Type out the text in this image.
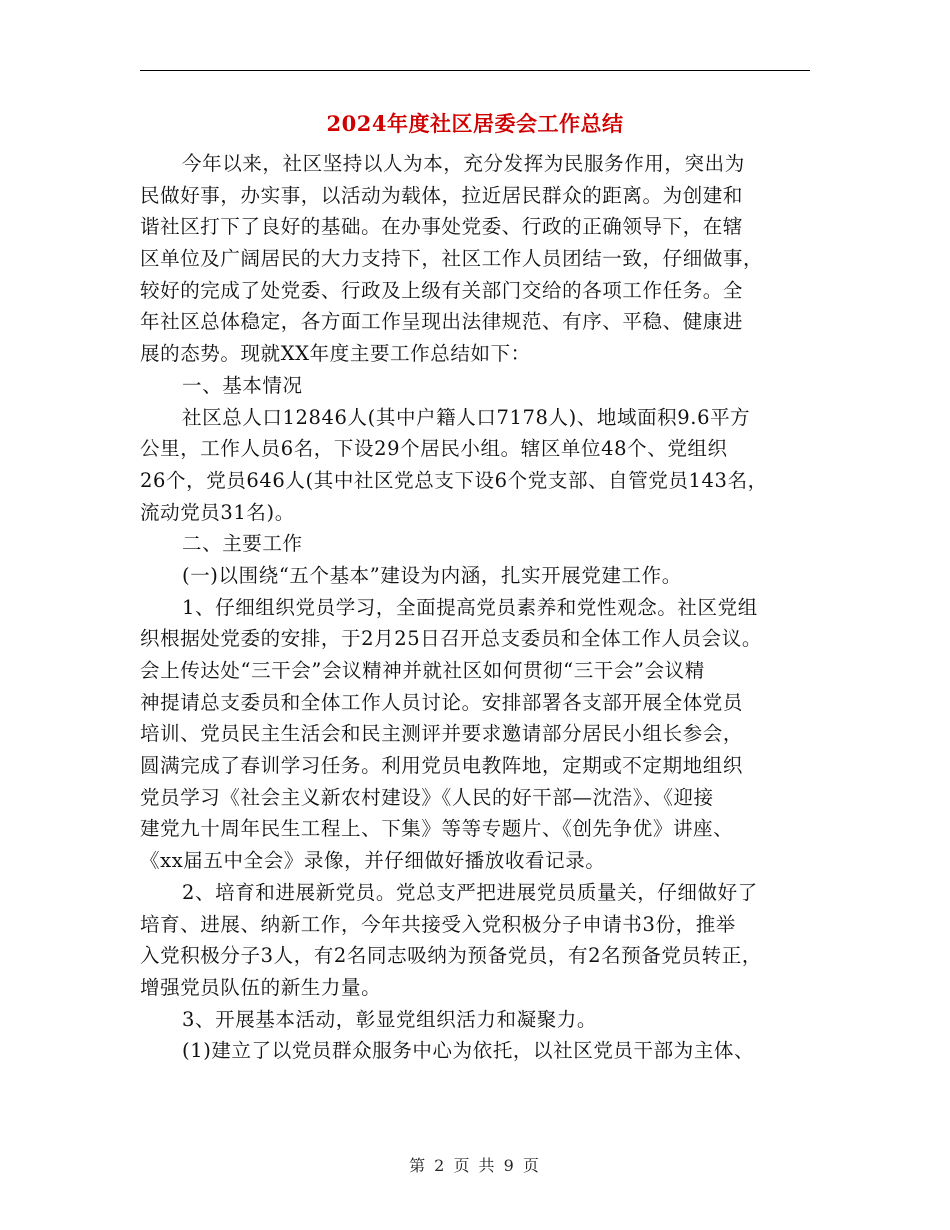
2024年度社区居委会工作总结
今年以来，社区坚持以人为本，充分发挥为民服务作用，突出为
民做好事，办实事，以活动为载体，拉近居民群众的距离。为创建和
谐社区打下了良好的基础。在办事处党委、行政的正确领导下，在辖
区单位及广阔居民的大力支持下，社区工作人员团结一致，仔细做事，
较好的完成了处党委、行政及上级有关部门交给的各项工作任务。全
年社区总体稳定，各方面工作呈现出法律规范、有序、平稳、健康进
展的态势。现就XX年度主要工作总结如下：
一、基本情况
社区总人口12846人(其中户籍人口7178人)、地域面积9.6平方
公里，工作人员6名，下设29个居民小组。辖区单位48个、党组织
26个，党员646人(其中社区党总支下设6个党支部、自管党员143名，
流动党员31名)。
二、主要工作
(一)以围绕“五个基本”建设为内涵，扎实开展党建工作。
1、仔细组织党员学习，全面提高党员素养和党性观念。社区党组
织根据处党委的安排，于2月25日召开总支委员和全体工作人员会议。
会上传达处“三干会”会议精神并就社区如何贯彻“三干会”会议精
神提请总支委员和全体工作人员讨论。安排部署各支部开展全体党员
培训、党员民主生活会和民主测评并要求邀请部分居民小组长参会，
圆满完成了春训学习任务。利用党员电教阵地，定期或不定期地组织
党员学习《社会主义新农村建设》《人民的好干部—沈浩》、《迎接
建党九十周年民生工程上、下集》等等专题片、《创先争优》讲座、
《xx届五中全会》录像，并仔细做好播放收看记录。
2、培育和进展新党员。党总支严把进展党员质量关，仔细做好了
培育、进展、纳新工作，今年共接受入党积极分子申请书3份，推举
入党积极分子3人，有2名同志吸纳为预备党员，有2名预备党员转正，
增强党员队伍的新生力量。
3、开展基本活动，彰显党组织活力和凝聚力。
(1)建立了以党员群众服务中心为依托，以社区党员干部为主体、
第 2 页 共 9 页
